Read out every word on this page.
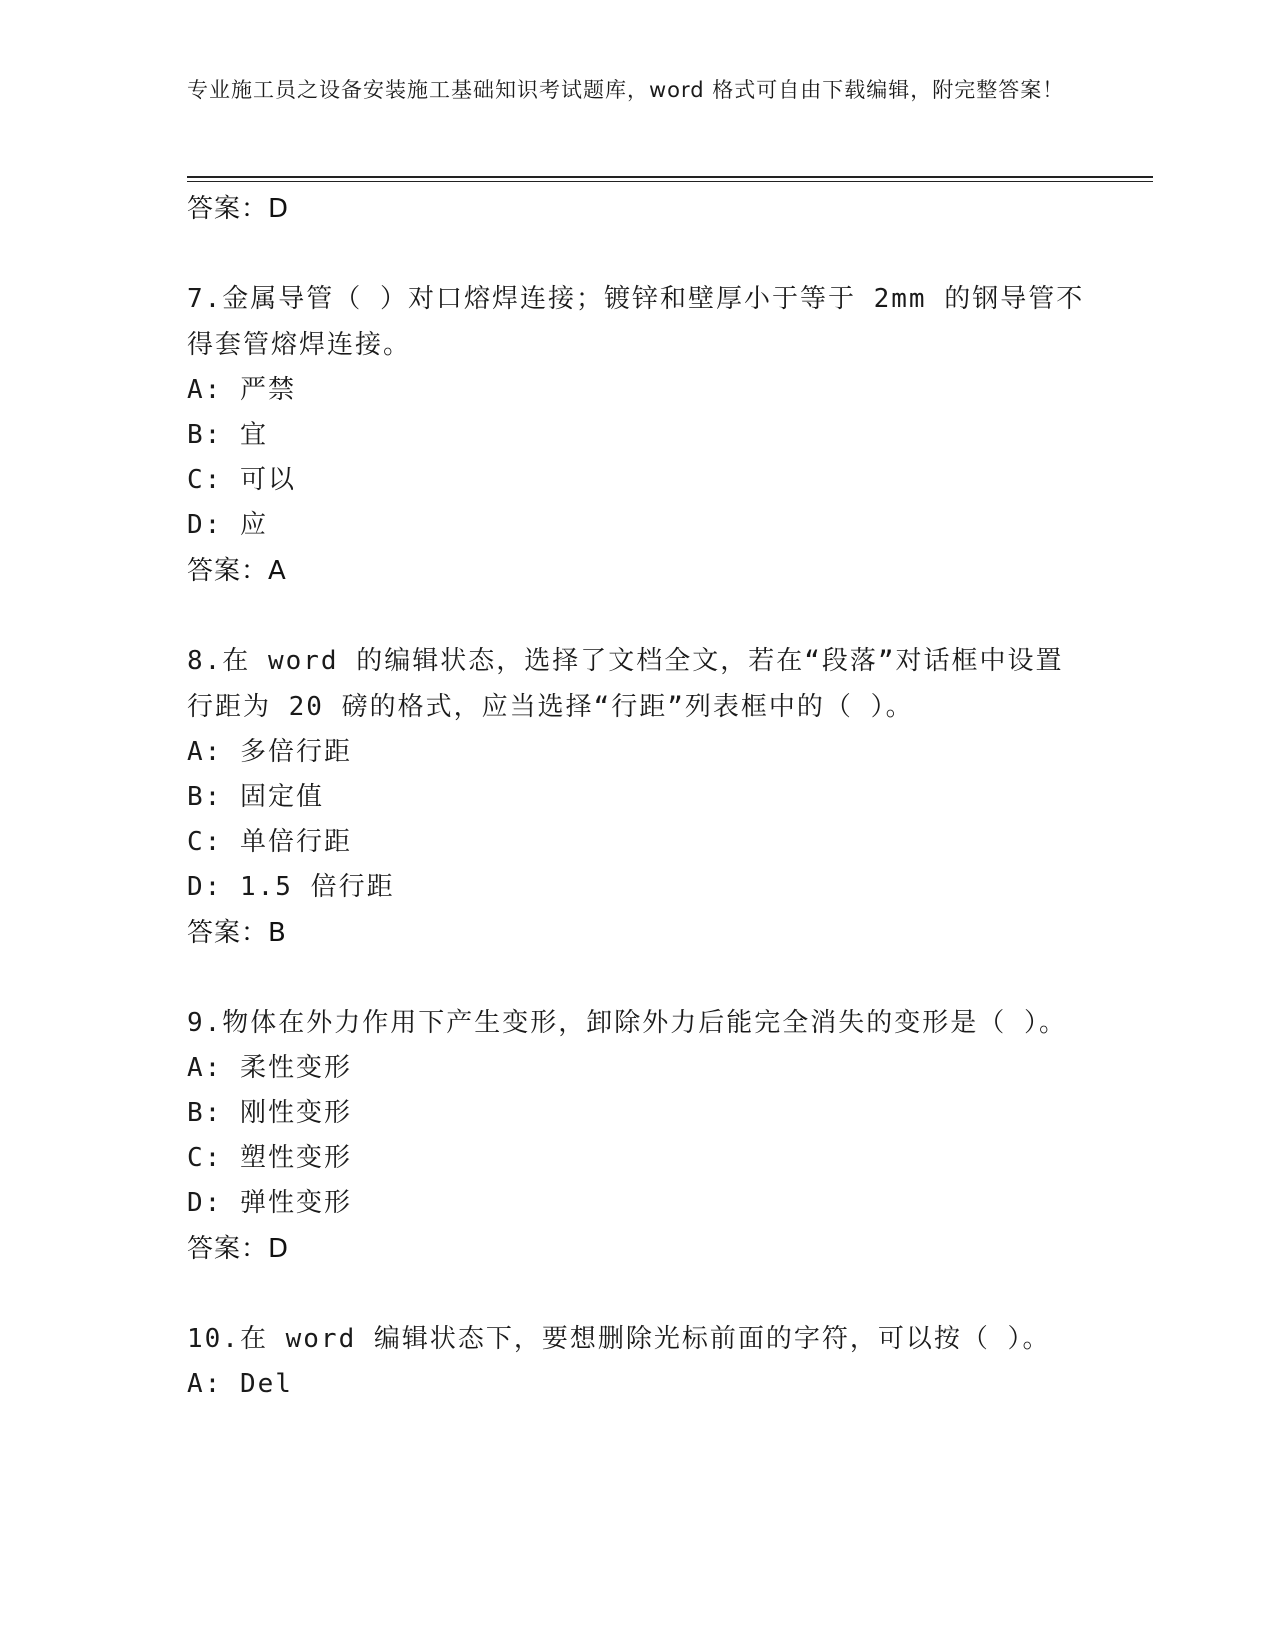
专业施工员之设备安装施工基础知识考试题库，word 格式可自由下载编辑，附完整答案！
答案：D
7.金属导管（ ）对口熔焊连接；镀锌和壁厚小于等于 2mm 的钢导管不得套管熔焊连接。
A: 严禁
B: 宜
C: 可以
D: 应
答案：A
8.在 word 的编辑状态，选择了文档全文，若在“段落”对话框中设置行距为 20 磅的格式，应当选择“行距”列表框中的（ ）。
A: 多倍行距
B: 固定值
C: 单倍行距
D: 1.5 倍行距
答案：B
9.物体在外力作用下产生变形，卸除外力后能完全消失的变形是（ ）。
A: 柔性变形
B: 刚性变形
C: 塑性变形
D: 弹性变形
答案：D
10.在 word 编辑状态下，要想删除光标前面的字符，可以按（ ）。
A: Del
